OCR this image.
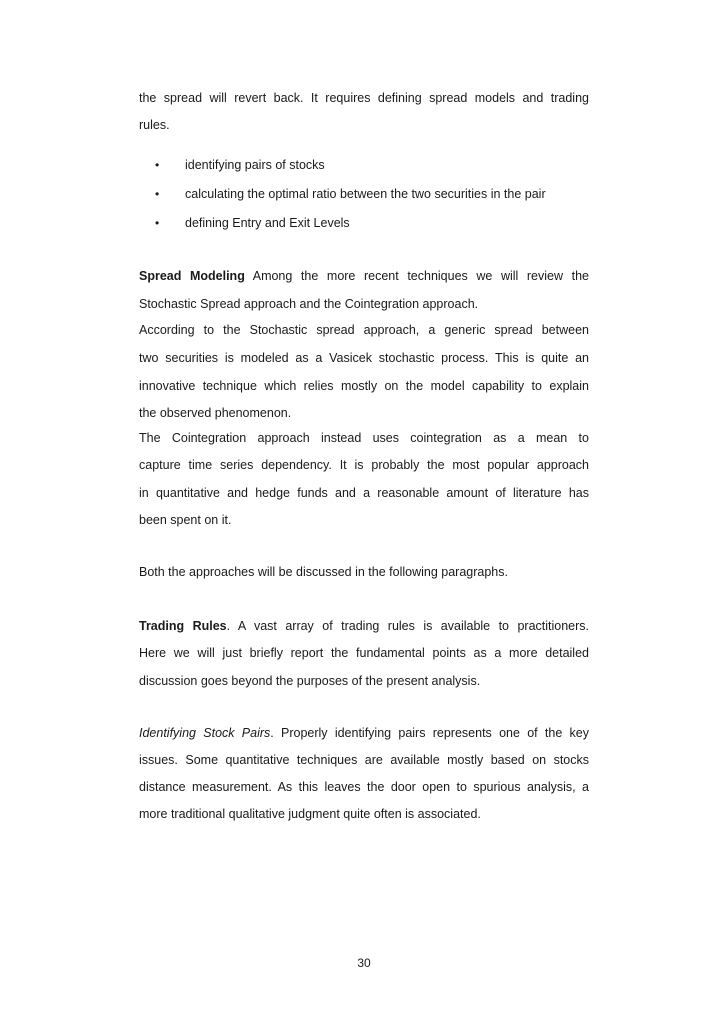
the spread will revert back. It requires defining spread models and trading
rules.
•	identifying pairs of stocks
•	calculating the optimal ratio between the two securities in the pair
•	defining Entry and Exit Levels
Spread Modeling Among the more recent techniques we will review the
Stochastic Spread approach and the Cointegration approach.
According to the Stochastic spread approach, a generic spread between
two securities is modeled as a Vasicek stochastic process. This is quite an
innovative technique which relies mostly on the model capability to explain
the observed phenomenon.
The Cointegration approach instead uses cointegration as a mean to
capture time series dependency. It is probably the most popular approach
in quantitative and hedge funds and a reasonable amount of literature has
been spent on it.
Both the approaches will be discussed in the following paragraphs.
Trading Rules. A vast array of trading rules is available to practitioners.
Here we will just briefly report the fundamental points as a more detailed
discussion goes beyond the purposes of the present analysis.
Identifying Stock Pairs. Properly identifying pairs represents one of the key
issues. Some quantitative techniques are available mostly based on stocks
distance measurement. As this leaves the door open to spurious analysis, a
more traditional qualitative judgment quite often is associated.
30
